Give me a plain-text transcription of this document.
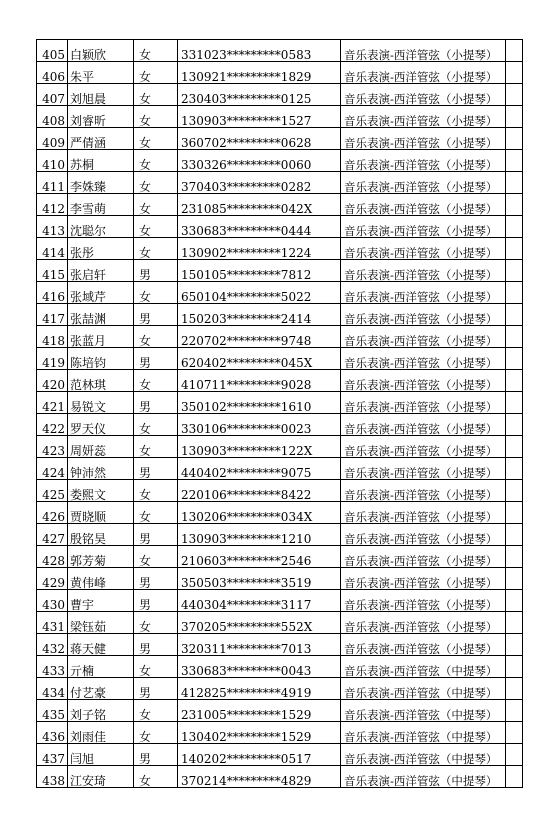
405	白颖欣	女	331023*********0583	音乐表演-西洋管弦（小提琴）	
406	朱平	女	130921*********1829	音乐表演-西洋管弦（小提琴）	
407	刘旭晨	女	230403*********0125	音乐表演-西洋管弦（小提琴）	
408	刘睿昕	女	130903*********1527	音乐表演-西洋管弦（小提琴）	
409	严倩涵	女	360702*********0628	音乐表演-西洋管弦（小提琴）	
410	苏桐	女	330326*********0060	音乐表演-西洋管弦（小提琴）	
411	李姝臻	女	370403*********0282	音乐表演-西洋管弦（小提琴）	
412	李雪萌	女	231085*********042X	音乐表演-西洋管弦（小提琴）	
413	沈聪尔	女	330683*********0444	音乐表演-西洋管弦（小提琴）	
414	张彤	女	130902*********1224	音乐表演-西洋管弦（小提琴）	
415	张启轩	男	150105*********7812	音乐表演-西洋管弦（小提琴）	
416	张域芹	女	650104*********5022	音乐表演-西洋管弦（小提琴）	
417	张喆渊	男	150203*********2414	音乐表演-西洋管弦（小提琴）	
418	张蓝月	女	220702*********9748	音乐表演-西洋管弦（小提琴）	
419	陈培钧	男	620402*********045X	音乐表演-西洋管弦（小提琴）	
420	范林琪	女	410711*********9028	音乐表演-西洋管弦（小提琴）	
421	易锐文	男	350102*********1610	音乐表演-西洋管弦（小提琴）	
422	罗天仪	女	330106*********0023	音乐表演-西洋管弦（小提琴）	
423	周妍蕊	女	130903*********122X	音乐表演-西洋管弦（小提琴）	
424	钟沛然	男	440402*********9075	音乐表演-西洋管弦（小提琴）	
425	娄熙文	女	220106*********8422	音乐表演-西洋管弦（小提琴）	
426	贾晓顺	女	130206*********034X	音乐表演-西洋管弦（小提琴）	
427	殷铭昊	男	130903*********1210	音乐表演-西洋管弦（小提琴）	
428	郭芳菊	女	210603*********2546	音乐表演-西洋管弦（小提琴）	
429	黄伟峰	男	350503*********3519	音乐表演-西洋管弦（小提琴）	
430	曹宇	男	440304*********3117	音乐表演-西洋管弦（小提琴）	
431	梁钰茹	女	370205*********552X	音乐表演-西洋管弦（小提琴）	
432	蒋天健	男	320311*********7013	音乐表演-西洋管弦（小提琴）	
433	亓楠	女	330683*********0043	音乐表演-西洋管弦（中提琴）	
434	付艺豪	男	412825*********4919	音乐表演-西洋管弦（中提琴）	
435	刘子铭	女	231005*********1529	音乐表演-西洋管弦（中提琴）	
436	刘雨佳	女	130402*********1529	音乐表演-西洋管弦（中提琴）	
437	闫旭	男	140202*********0517	音乐表演-西洋管弦（中提琴）	
438	江安琦	女	370214*********4829	音乐表演-西洋管弦（中提琴）	
